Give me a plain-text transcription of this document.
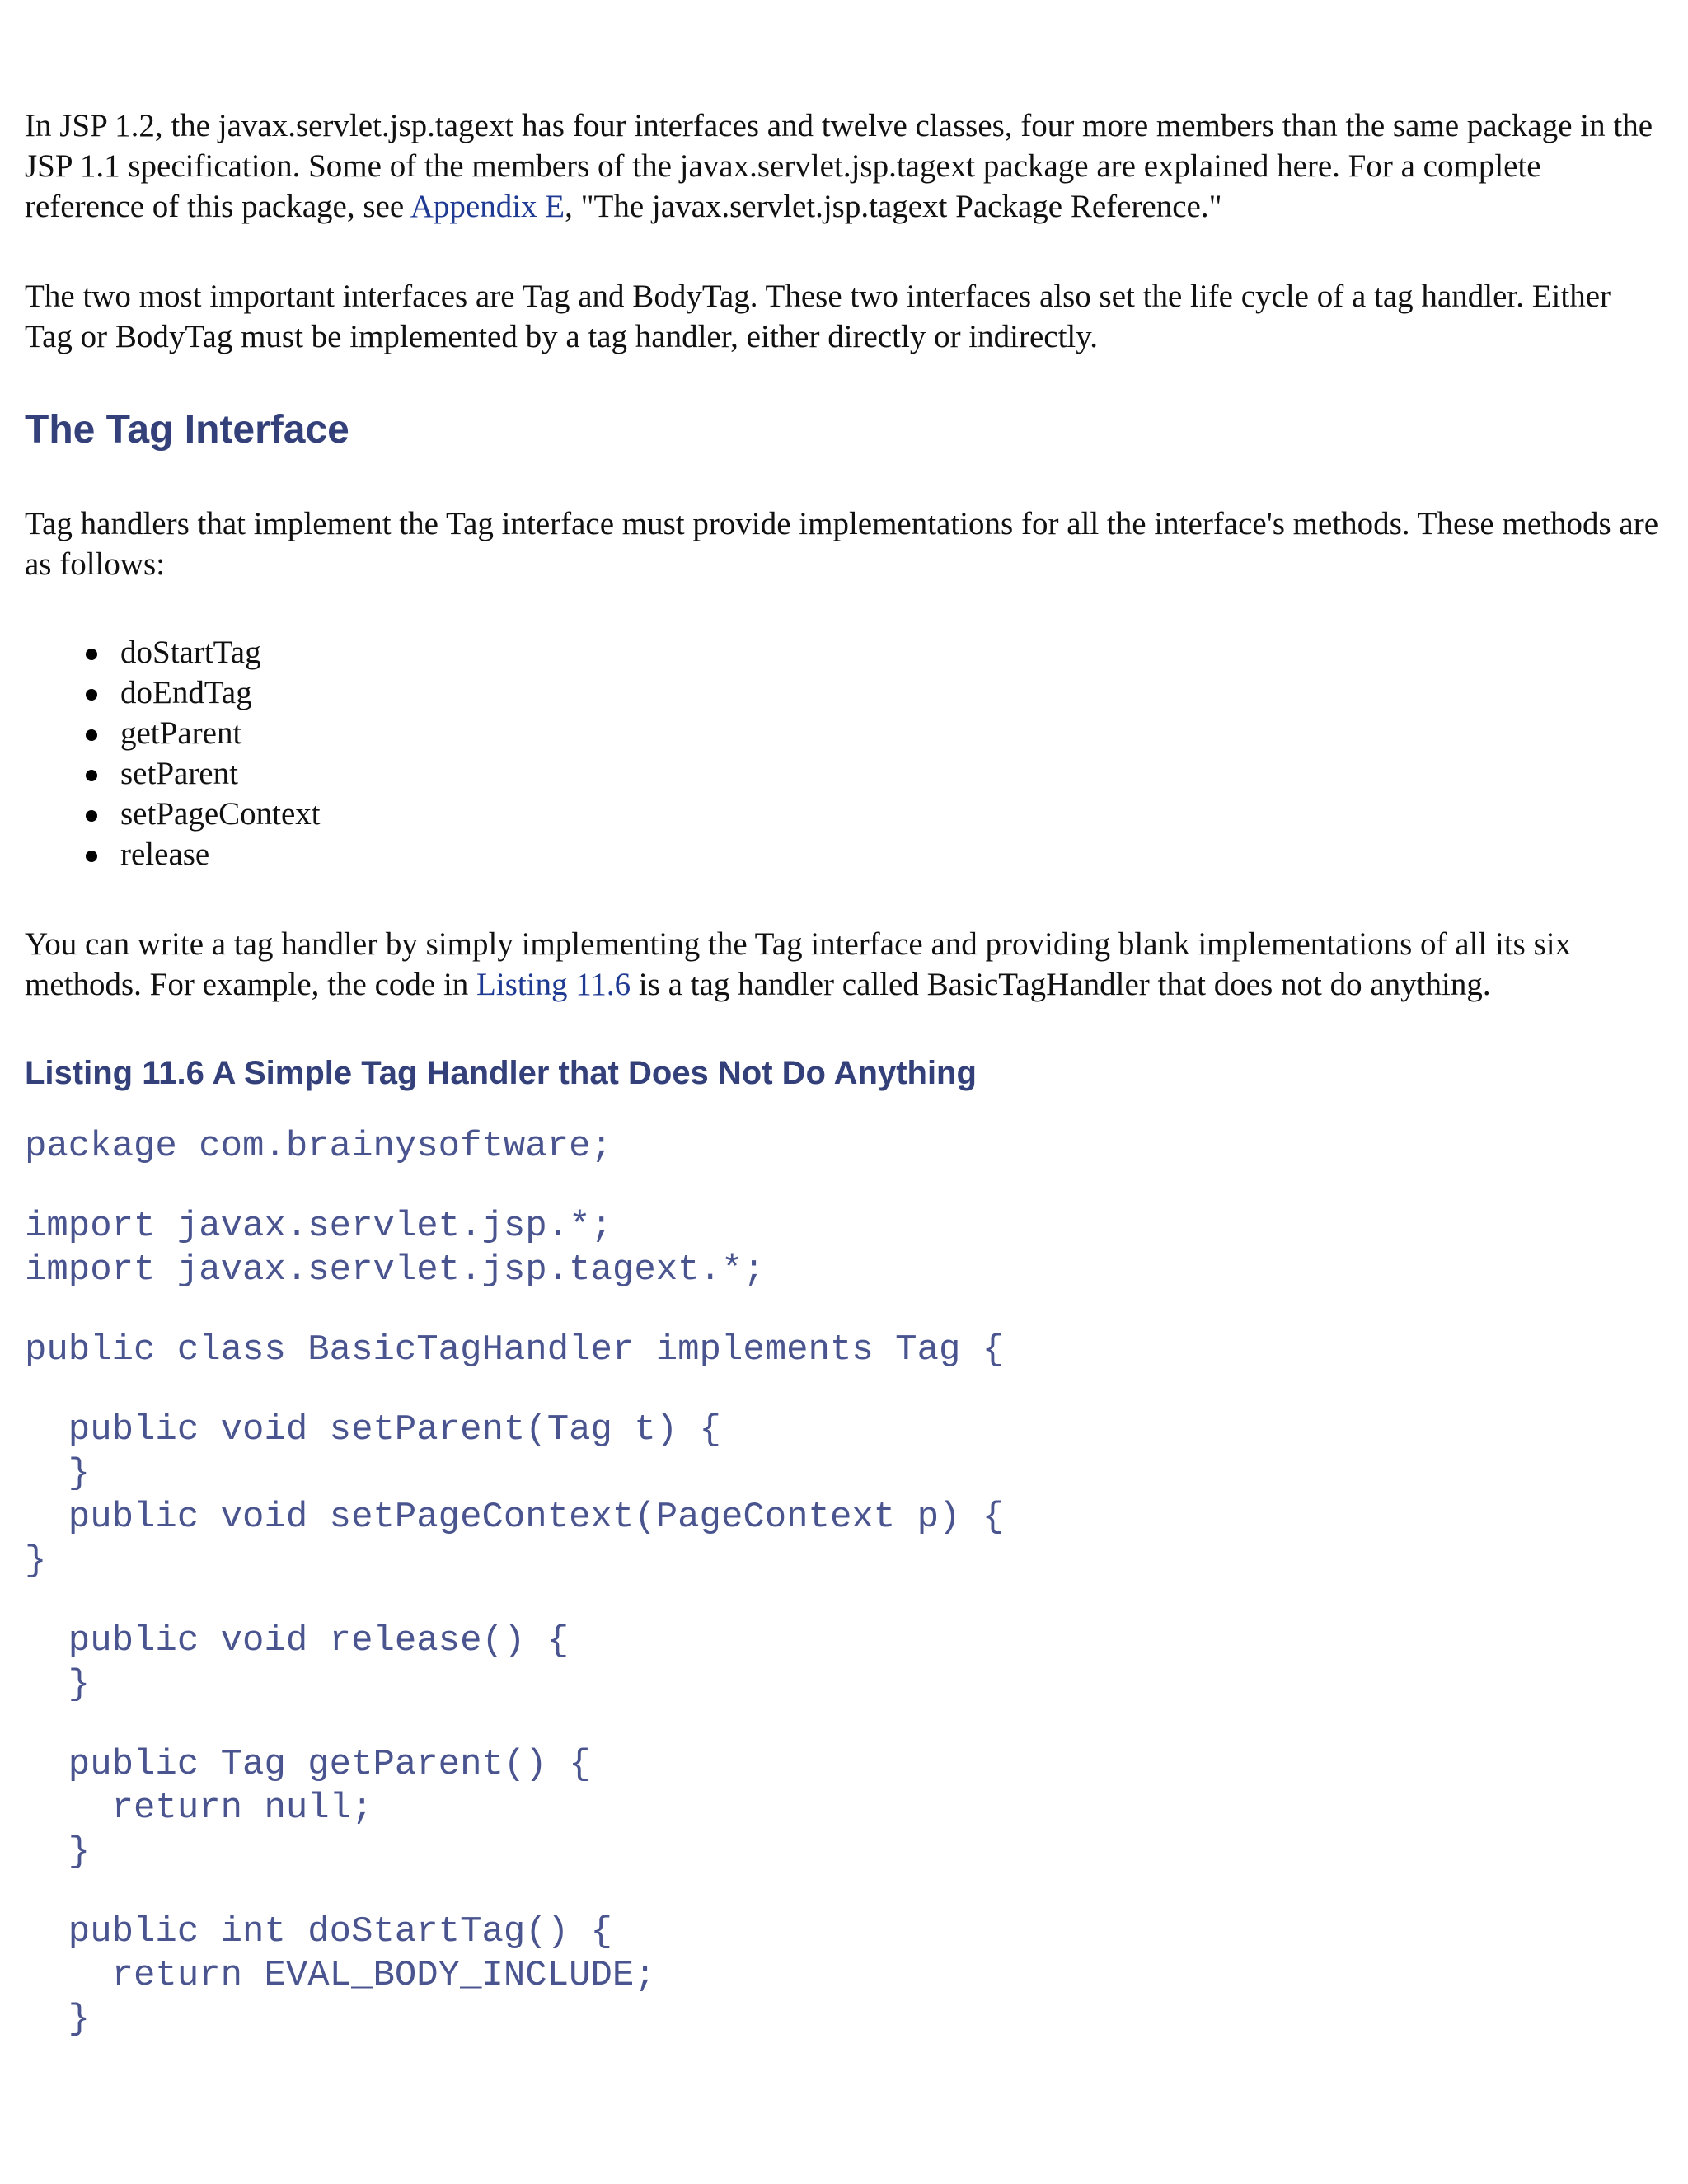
In JSP 1.2, the javax.servlet.jsp.tagext has four interfaces and twelve classes, four more members than the same package in the JSP 1.1 specification. Some of the members of the javax.servlet.jsp.tagext package are explained here. For a complete reference of this package, see Appendix E, "The javax.servlet.jsp.tagext Package Reference."

The two most important interfaces are Tag and BodyTag. These two interfaces also set the life cycle of a tag handler. Either Tag or BodyTag must be implemented by a tag handler, either directly or indirectly.

The Tag Interface

Tag handlers that implement the Tag interface must provide implementations for all the interface's methods. These methods are as follows:

doStartTag
doEndTag
getParent
setParent
setPageContext
release

You can write a tag handler by simply implementing the Tag interface and providing blank implementations of all its six methods. For example, the code in Listing 11.6 is a tag handler called BasicTagHandler that does not do anything.

Listing 11.6 A Simple Tag Handler that Does Not Do Anything
package com.brainysoftware;
import javax.servlet.jsp.*;
import javax.servlet.jsp.tagext.*;
public class BasicTagHandler implements Tag {
public void setParent(Tag t) {
}
public void setPageContext(PageContext p) {
}
public void release() {
}
public Tag getParent() {
return null;
}
public int doStartTag() {
return EVAL_BODY_INCLUDE;
}
